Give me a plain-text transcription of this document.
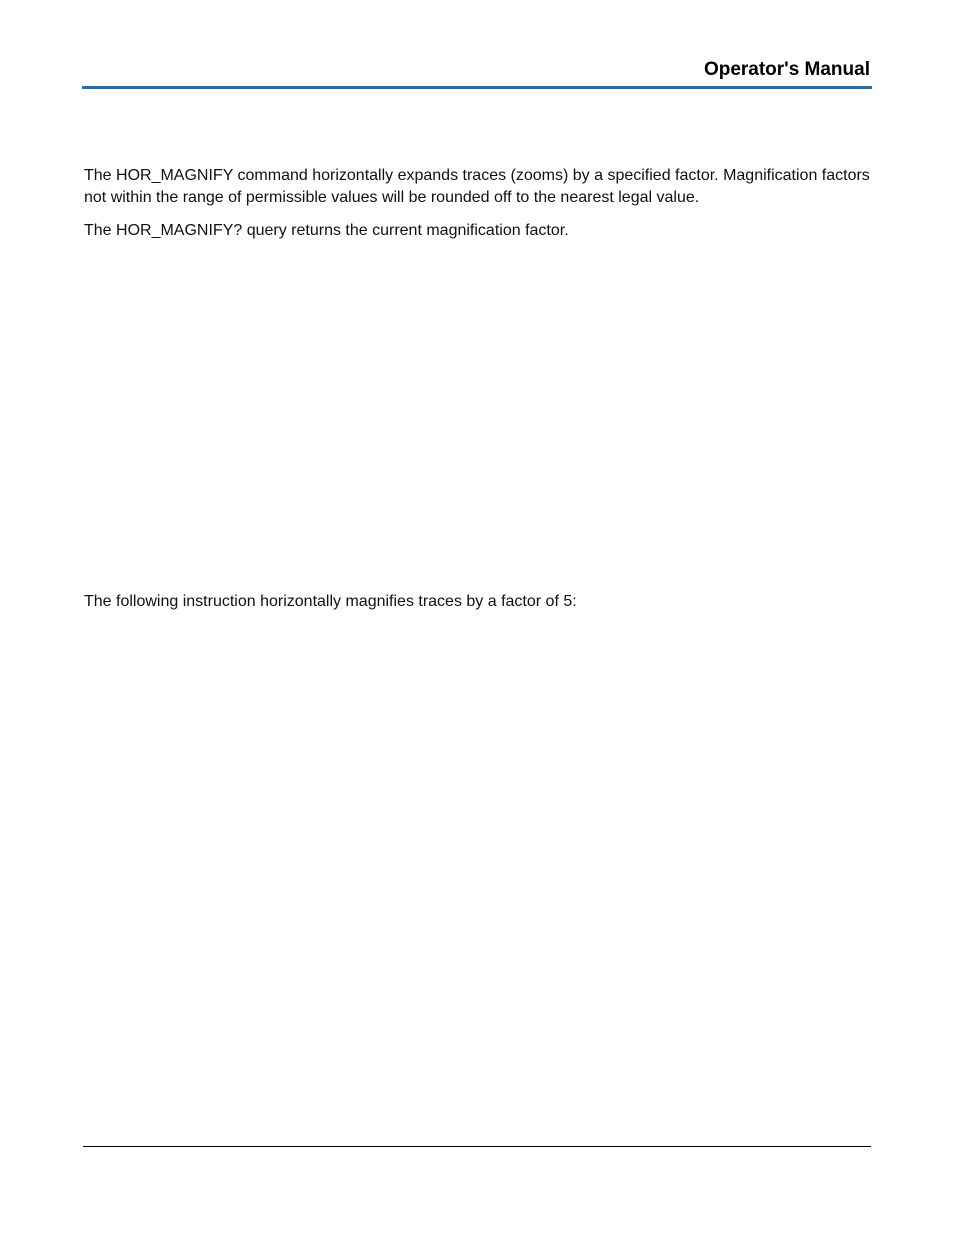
Operator's Manual

The HOR_MAGNIFY command horizontally expands traces (zooms) by a specified factor. Magnification factors not within the range of permissible values will be rounded off to the nearest legal value.

The HOR_MAGNIFY? query returns the current magnification factor.

The following instruction horizontally magnifies traces by a factor of 5:
